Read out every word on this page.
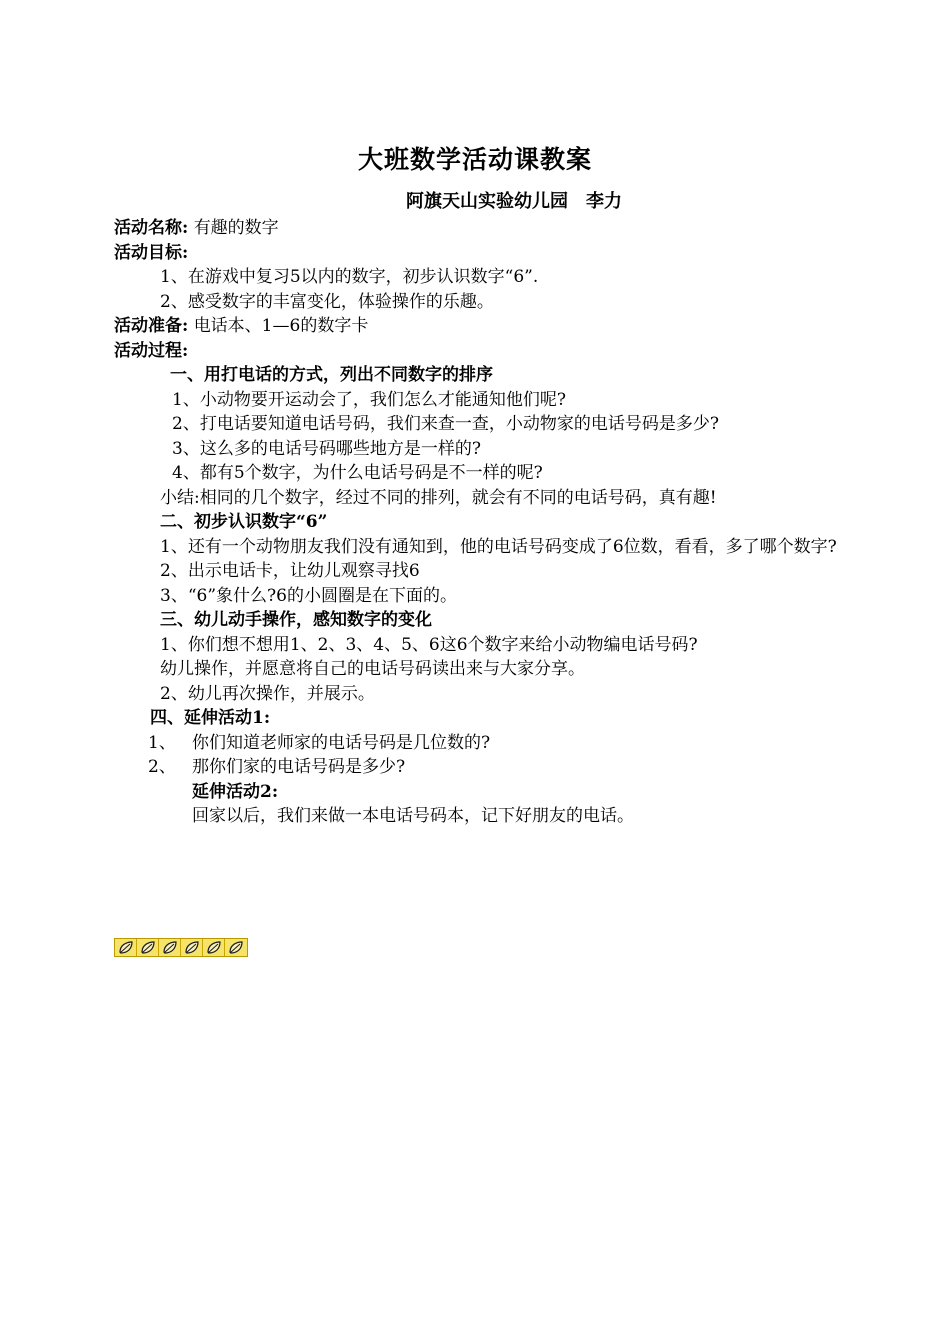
大班数学活动课教案
阿旗天山实验幼儿园　李力
活动名称: 有趣的数字
活动目标:
1、在游戏中复习5以内的数字，初步认识数字“6”.
2、感受数字的丰富变化，体验操作的乐趣。
活动准备: 电话本、1—6的数字卡
活动过程:
一、用打电话的方式，列出不同数字的排序
1、小动物要开运动会了，我们怎么才能通知他们呢?
2、打电话要知道电话号码，我们来查一查，小动物家的电话号码是多少?
3、这么多的电话号码哪些地方是一样的?
4、都有5个数字，为什么电话号码是不一样的呢?
小结:相同的几个数字，经过不同的排列，就会有不同的电话号码，真有趣!
二、初步认识数字“6”
1、还有一个动物朋友我们没有通知到，他的电话号码变成了6位数，看看，多了哪个数字?
2、出示电话卡，让幼儿观察寻找6
3、“6”象什么?6的小圆圈是在下面的。
三、幼儿动手操作，感知数字的变化
1、你们想不想用1、2、3、4、5、6这6个数字来给小动物编电话号码?
幼儿操作，并愿意将自己的电话号码读出来与大家分享。
2、幼儿再次操作，并展示。
四、延伸活动1:
1、 你们知道老师家的电话号码是几位数的?
2、 那你们家的电话号码是多少?
延伸活动2:
回家以后，我们来做一本电话号码本，记下好朋友的电话。
